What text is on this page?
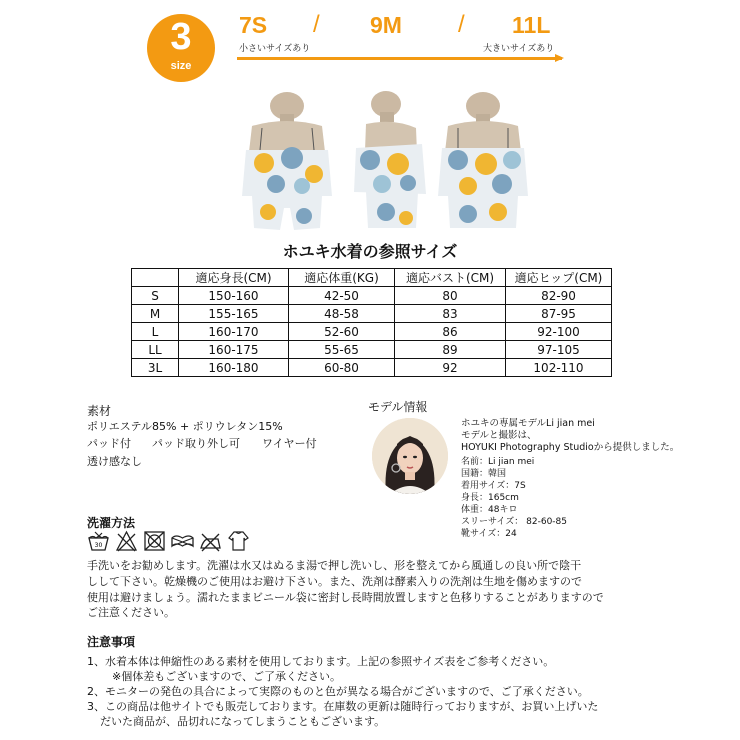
3
size
7S / 9M / 11L
小さいサイズあり	大きいサイズあり
ホユキ水着の参照サイズ
	適応身長(CM)	適応体重(KG)	適応バスト(CM)	適応ヒップ(CM)
S	150-160	42-50	80	82-90
M	155-165	48-58	83	87-95
L	160-170	52-60	86	92-100
LL	160-175	55-65	89	97-105
3L	160-180	60-80	92	102-110
素材
ポリエステル85% + ポリウレタン15%
パッド付 パッド取り外し可 ワイヤー付
透け感なし
モデル情報
ホユキの専属モデルLi jian mei
モデルと撮影は、
HOYUKI Photography Studioから提供しました。
名前：Li jian mei
国籍：韓国
着用サイズ：7S
身長：165cm
体重：48キロ
スリーサイズ： 82-60-85
靴サイズ：24
洗濯方法
30
手洗いをお勧めします。洗濯は水又はぬるま湯で押し洗いし、形を整えてから風通しの良い所で陰干
しして下さい。乾燥機のご使用はお避け下さい。また、洗剤は酵素入りの洗剤は生地を傷めますので
使用は避けましょう。濡れたままビニール袋に密封し長時間放置しますと色移りすることがありますので
ご注意ください。
注意事項
1、水着本体は伸縮性のある素材を使用しております。上記の参照サイズ表をご参考ください。
※個体差もございますので、ご了承ください。
2、モニターの発色の具合によって実際のものと色が異なる場合がございますので、ご了承ください。
3、この商品は他サイトでも販売しております。在庫数の更新は随時行っておりますが、お買い上げいた
だいた商品が、品切れになってしまうこともございます。
